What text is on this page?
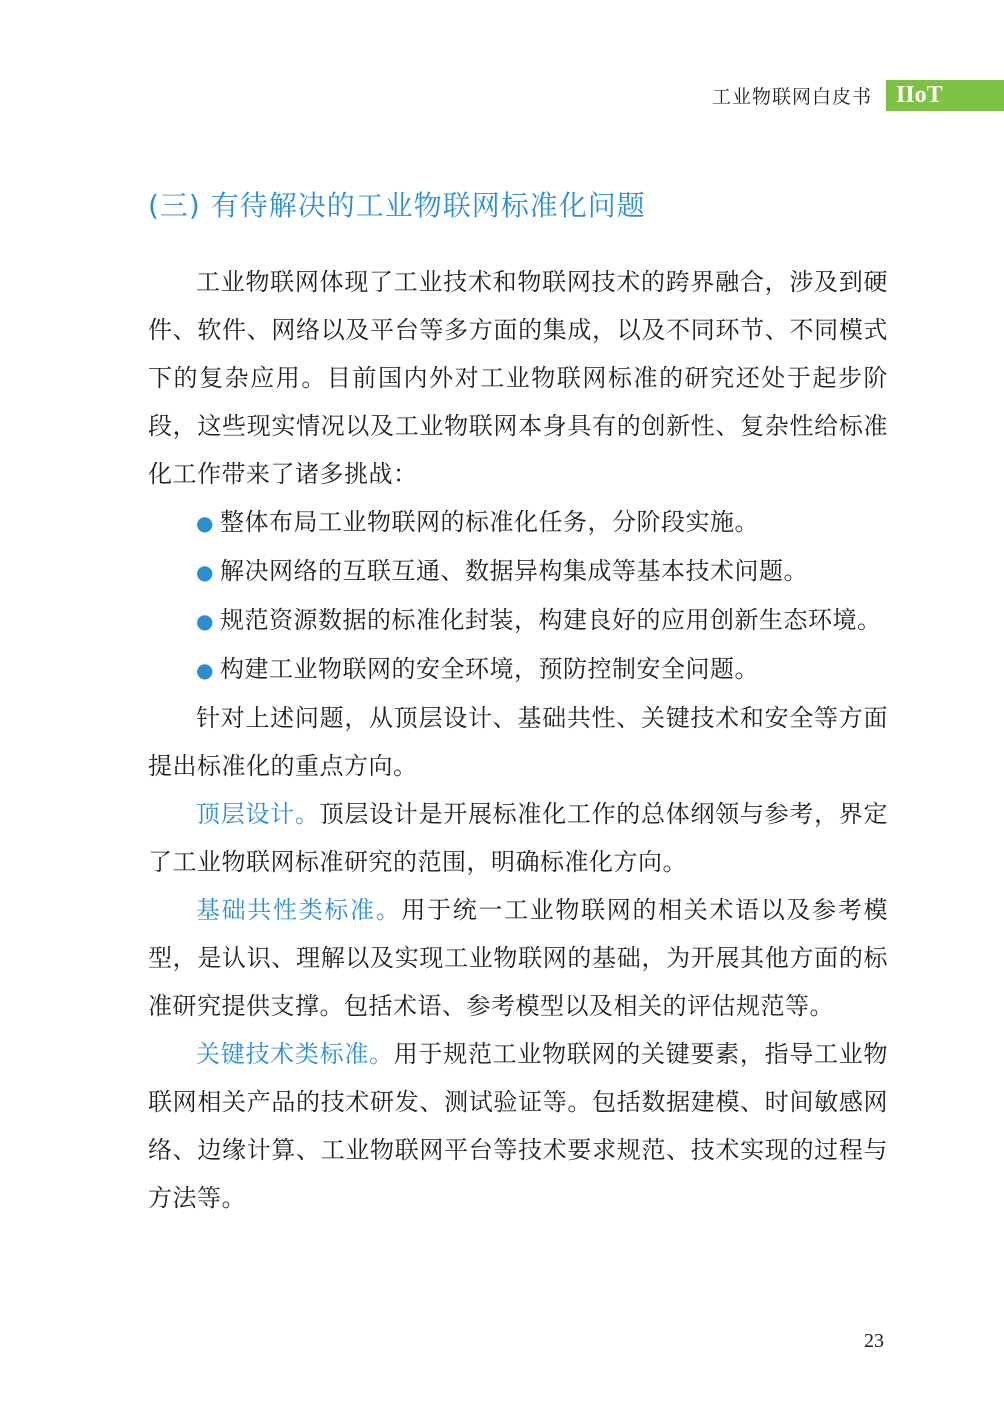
工业物联网白皮书	IIoT
(三) 有待解决的工业物联网标准化问题

工业物联网体现了工业技术和物联网技术的跨界融合，涉及到硬件、软件、网络以及平台等多方面的集成，以及不同环节、不同模式下的复杂应用。目前国内外对工业物联网标准的研究还处于起步阶段，这些现实情况以及工业物联网本身具有的创新性、复杂性给标准化工作带来了诸多挑战：

● 整体布局工业物联网的标准化任务，分阶段实施。

● 解决网络的互联互通、数据异构集成等基本技术问题。

● 规范资源数据的标准化封装，构建良好的应用创新生态环境。

● 构建工业物联网的安全环境，预防控制安全问题。

针对上述问题，从顶层设计、基础共性、关键技术和安全等方面提出标准化的重点方向。

顶层设计。顶层设计是开展标准化工作的总体纲领与参考，界定了工业物联网标准研究的范围，明确标准化方向。

基础共性类标准。用于统一工业物联网的相关术语以及参考模型，是认识、理解以及实现工业物联网的基础，为开展其他方面的标准研究提供支撑。包括术语、参考模型以及相关的评估规范等。

关键技术类标准。用于规范工业物联网的关键要素，指导工业物联网相关产品的技术研发、测试验证等。包括数据建模、时间敏感网络、边缘计算、工业物联网平台等技术要求规范、技术实现的过程与方法等。

23
